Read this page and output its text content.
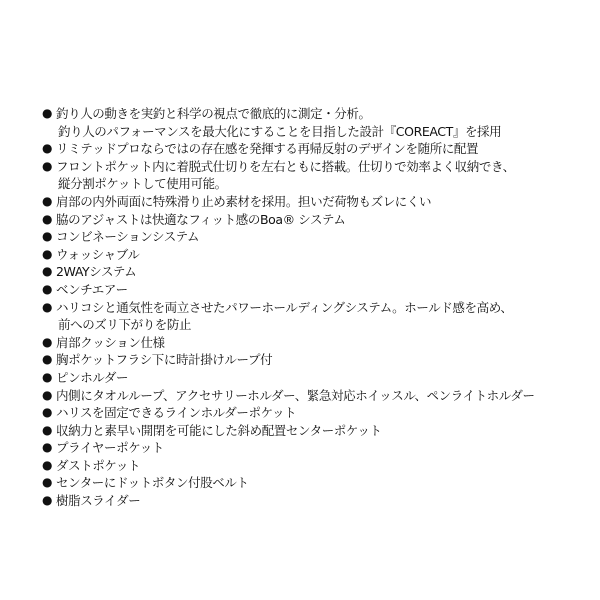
● 釣り人の動きを実釣と科学の視点で徹底的に測定・分析。
釣り人のパフォーマンスを最大化にすることを目指した設計『COREACT』を採用
● リミテッドプロならではの存在感を発揮する再帰反射のデザインを随所に配置
● フロントポケット内に着脱式仕切りを左右ともに搭載。仕切りで効率よく収納でき、
縦分割ポケットして使用可能。
● 肩部の内外両面に特殊滑り止め素材を採用。担いだ荷物もズレにくい
● 脇のアジャストは快適なフィット感のBoa® システム
● コンビネーションシステム
● ウォッシャブル
● 2WAYシステム
● ベンチエアー
● ハリコシと通気性を両立させたパワーホールディングシステム。ホールド感を高め、
前へのズリ下がりを防止
● 肩部クッション仕様
● 胸ポケットフラシ下に時計掛けループ付
● ピンホルダー
● 内側にタオルループ、アクセサリーホルダー、緊急対応ホイッスル、ペンライトホルダー
● ハリスを固定できるラインホルダーポケット
● 収納力と素早い開閉を可能にした斜め配置センターポケット
● プライヤーポケット
● ダストポケット
● センターにドットボタン付股ベルト
● 樹脂スライダー
